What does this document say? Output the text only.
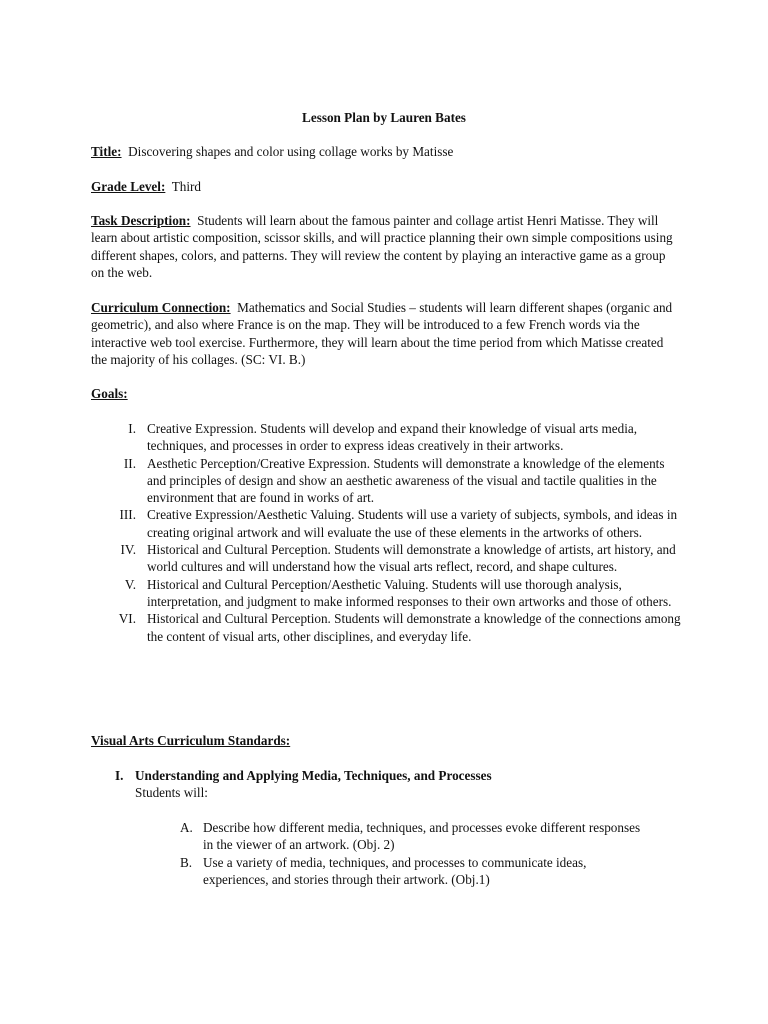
Lesson Plan by Lauren Bates

Title: Discovering shapes and color using collage works by Matisse

Grade Level: Third

Task Description: Students will learn about the famous painter and collage artist Henri Matisse. They will learn about artistic composition, scissor skills, and will practice planning their own simple compositions using different shapes, colors, and patterns. They will review the content by playing an interactive game as a group on the web.

Curriculum Connection: Mathematics and Social Studies – students will learn different shapes (organic and geometric), and also where France is on the map. They will be introduced to a few French words via the interactive web tool exercise. Furthermore, they will learn about the time period from which Matisse created the majority of his collages. (SC: VI. B.)

Goals:

I. Creative Expression. Students will develop and expand their knowledge of visual arts media, techniques, and processes in order to express ideas creatively in their artworks.

II. Aesthetic Perception/Creative Expression. Students will demonstrate a knowledge of the elements and principles of design and show an aesthetic awareness of the visual and tactile qualities in the environment that are found in works of art.

III. Creative Expression/Aesthetic Valuing. Students will use a variety of subjects, symbols, and ideas in creating original artwork and will evaluate the use of these elements in the artworks of others.

IV. Historical and Cultural Perception. Students will demonstrate a knowledge of artists, art history, and world cultures and will understand how the visual arts reflect, record, and shape cultures.

V. Historical and Cultural Perception/Aesthetic Valuing. Students will use thorough analysis, interpretation, and judgment to make informed responses to their own artworks and those of others.

VI. Historical and Cultural Perception. Students will demonstrate a knowledge of the connections among the content of visual arts, other disciplines, and everyday life.

Visual Arts Curriculum Standards:
I. Understanding and Applying Media, Techniques, and Processes
Students will:

A. Describe how different media, techniques, and processes evoke different responses in the viewer of an artwork. (Obj. 2)

B. Use a variety of media, techniques, and processes to communicate ideas, experiences, and stories through their artwork. (Obj.1)
